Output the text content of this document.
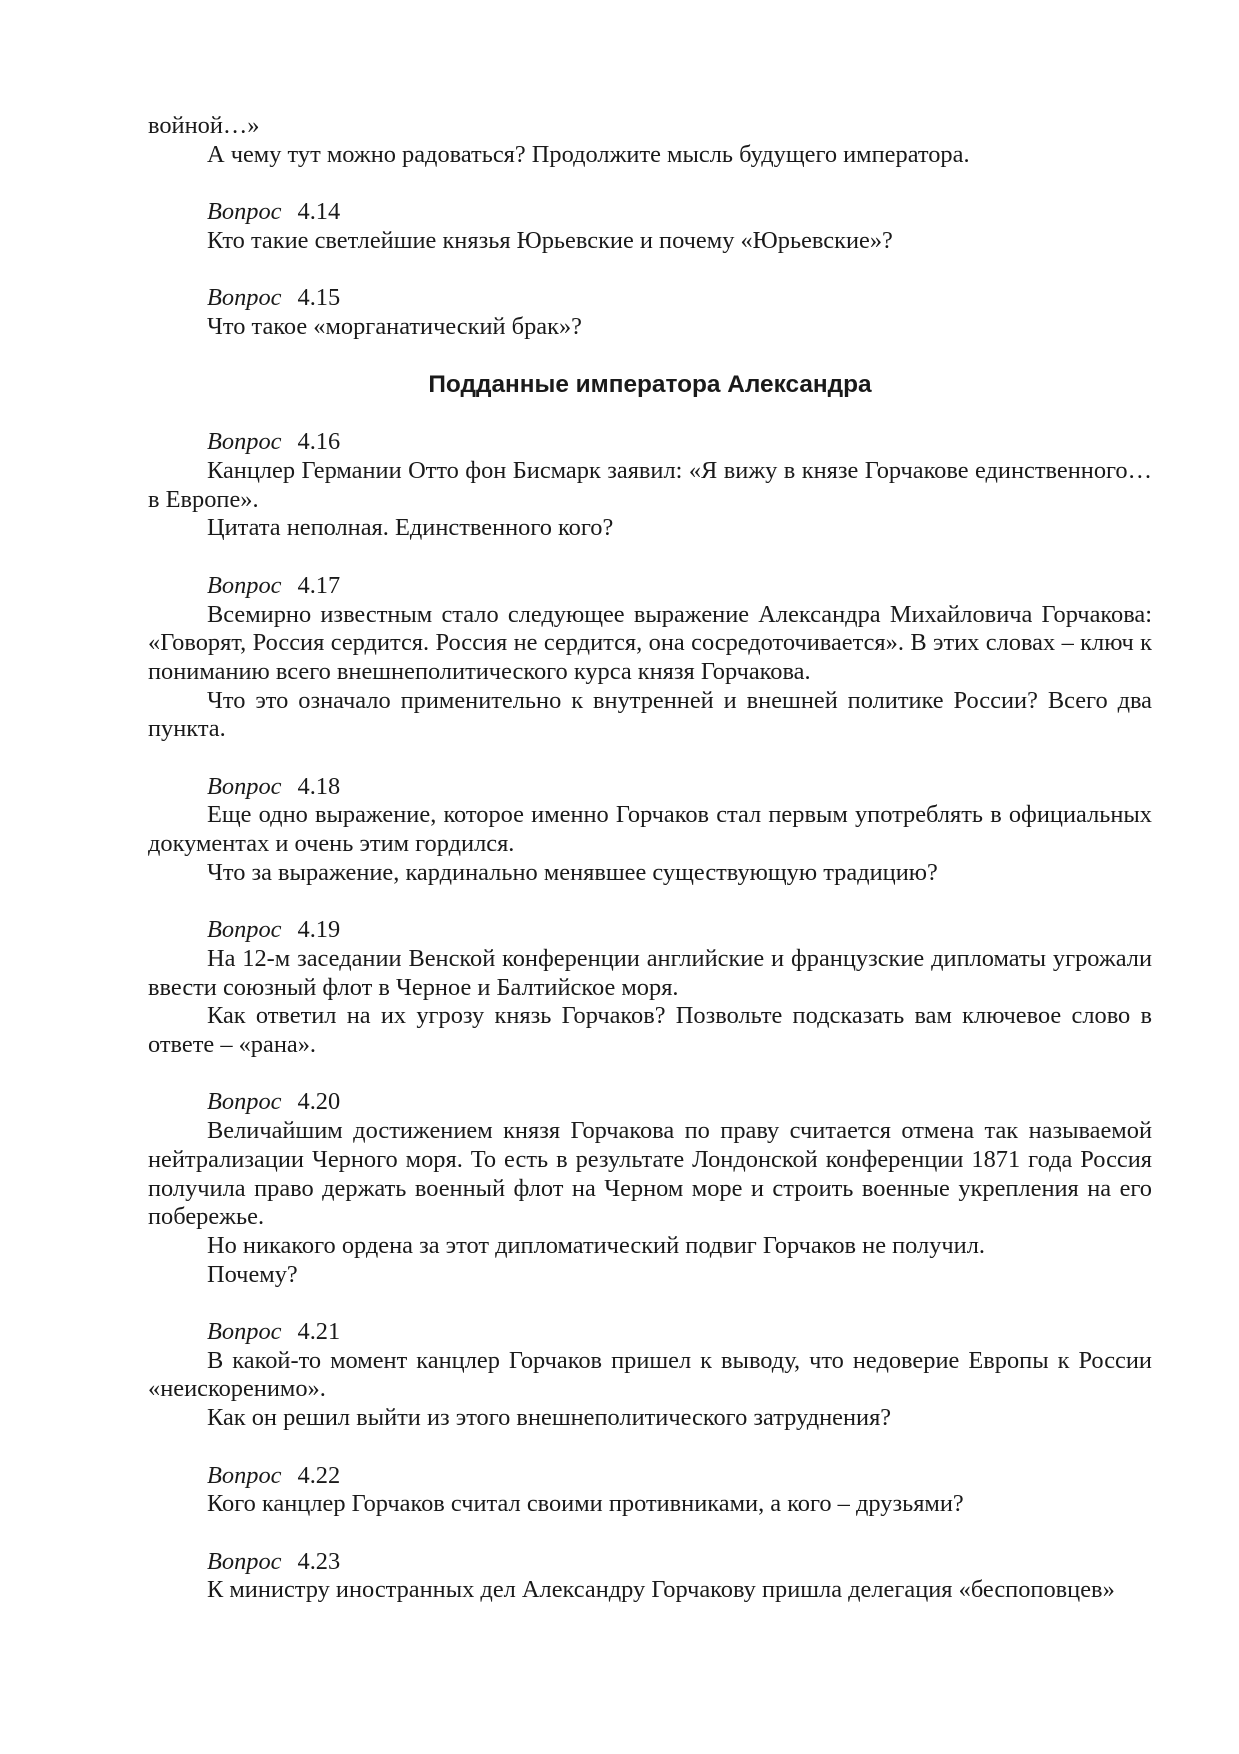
войной…»
А чему тут можно радоваться? Продолжите мысль будущего императора.
Вопрос 4.14
Кто такие светлейшие князья Юрьевские и почему «Юрьевские»?
Вопрос 4.15
Что такое «морганатический брак»?
Подданные императора Александра
Вопрос 4.16
Канцлер Германии Отто фон Бисмарк заявил: «Я вижу в князе Горчакове единственного… в Европе».
Цитата неполная. Единственного кого?
Вопрос 4.17
Всемирно известным стало следующее выражение Александра Михайловича Горчакова: «Говорят, Россия сердится. Россия не сердится, она сосредоточивается». В этих словах – ключ к пониманию всего внешнеполитического курса князя Горчакова.
Что это означало применительно к внутренней и внешней политике России? Всего два пункта.
Вопрос 4.18
Еще одно выражение, которое именно Горчаков стал первым употреблять в официальных документах и очень этим гордился.
Что за выражение, кардинально менявшее существующую традицию?
Вопрос 4.19
На 12-м заседании Венской конференции английские и французские дипломаты угрожали ввести союзный флот в Черное и Балтийское моря.
Как ответил на их угрозу князь Горчаков? Позвольте подсказать вам ключевое слово в ответе – «рана».
Вопрос 4.20
Величайшим достижением князя Горчакова по праву считается отмена так называемой нейтрализации Черного моря. То есть в результате Лондонской конференции 1871 года Россия получила право держать военный флот на Черном море и строить военные укрепления на его побережье.
Но никакого ордена за этот дипломатический подвиг Горчаков не получил.
Почему?
Вопрос 4.21
В какой-то момент канцлер Горчаков пришел к выводу, что недоверие Европы к России «неискоренимо».
Как он решил выйти из этого внешнеполитического затруднения?
Вопрос 4.22
Кого канцлер Горчаков считал своими противниками, а кого – друзьями?
Вопрос 4.23
К министру иностранных дел Александру Горчакову пришла делегация «беспоповцев»
